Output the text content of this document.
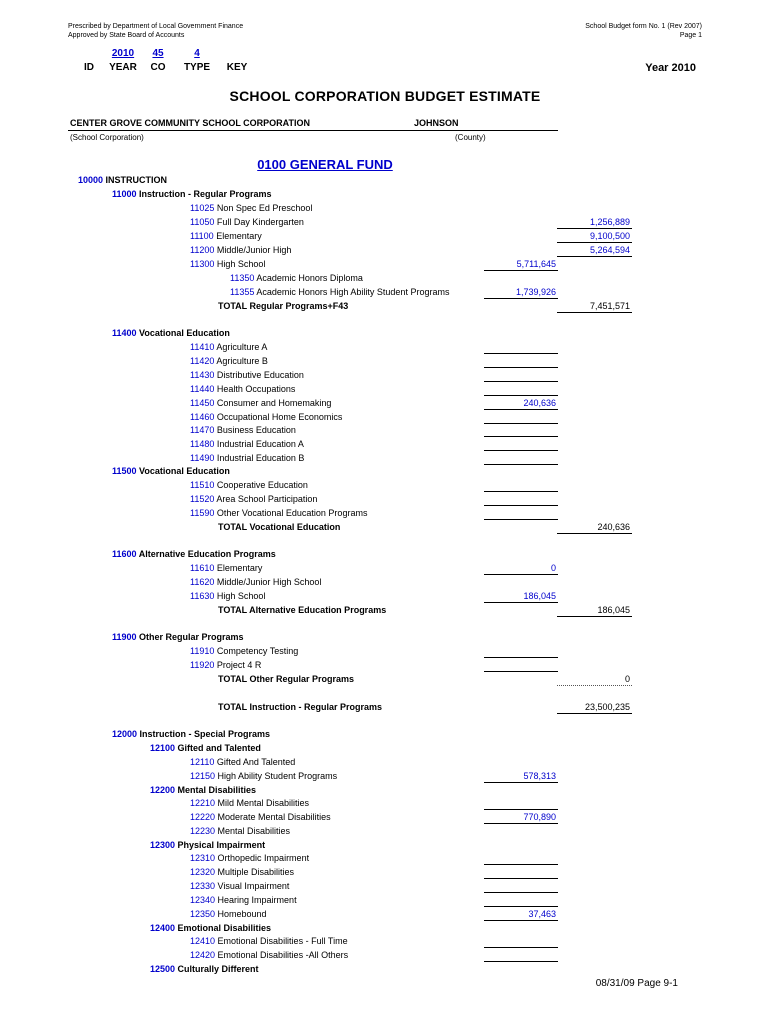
Prescribed by Department of Local Government Finance
Approved by State Board of Accounts
School Budget form No. 1 (Rev 2007)
Page 1
2010	45	4
ID	YEAR	CO	TYPE	KEY	Year 2010
SCHOOL CORPORATION BUDGET ESTIMATE
CENTER GROVE COMMUNITY SCHOOL CORPORATION	JOHNSON
(School Corporation)	(County)
0100 GENERAL FUND
10000 INSTRUCTION
11000 Instruction - Regular Programs
11025 Non Spec Ed Preschool
11050 Full Day Kindergarten	1,256,889
11100 Elementary	9,100,500
11200 Middle/Junior High	5,264,594
11300 High School	5,711,645
11350 Academic Honors Diploma
11355 Academic Honors High Ability Student Programs	1,739,926
TOTAL Regular Programs+F43	7,451,571
11400 Vocational Education
11410 Agriculture A
11420 Agriculture B
11430 Distributive Education
11440 Health Occupations
11450 Consumer and Homemaking	240,636
11460 Occupational Home Economics
11470 Business Education
11480 Industrial Education A
11490 Industrial Education B
11500 Vocational Education
11510 Cooperative Education
11520 Area School Participation
11590 Other Vocational Education Programs
TOTAL Vocational Education	240,636
11600 Alternative Education Programs
11610 Elementary	0
11620 Middle/Junior High School
11630 High School	186,045
TOTAL Alternative Education Programs	186,045
11900 Other Regular Programs
11910 Competency Testing
11920 Project 4 R
TOTAL Other Regular Programs	0
TOTAL Instruction - Regular Programs	23,500,235
12000 Instruction - Special Programs
12100 Gifted and Talented
12110 Gifted And Talented
12150 High Ability Student Programs	578,313
12200 Mental Disabilities
12210 Mild Mental Disabilities
12220 Moderate Mental Disabilities	770,890
12230 Mental Disabilities
12300 Physical Impairment
12310 Orthopedic Impairment
12320 Multiple Disabilities
12330 Visual Impairment
12340 Hearing Impairment
12350 Homebound	37,463
12400 Emotional Disabilities
12410 Emotional Disabilities - Full Time
12420 Emotional Disabilities -All Others
12500 Culturally Different
08/31/09 Page 9-1
